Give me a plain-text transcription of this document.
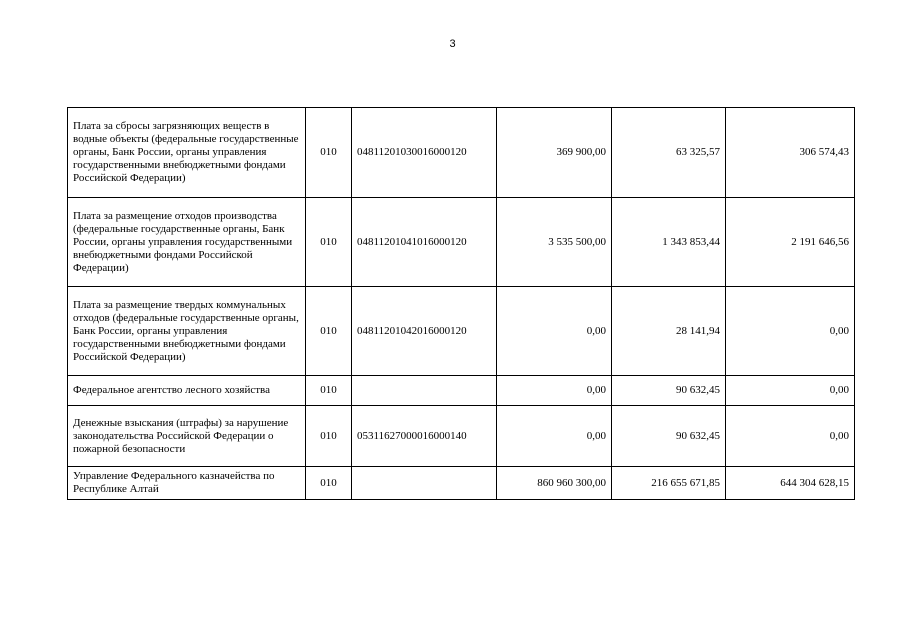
3
Плата за сбросы загрязняющих веществ в водные объекты (федеральные государственные органы, Банк России, органы управления государственными внебюджетными фондами Российской Федерации)	010	04811201030016000120	369 900,00	63 325,57	306 574,43
Плата за размещение отходов производства (федеральные государственные органы, Банк России, органы управления государственными внебюджетными фондами Российской Федерации)	010	04811201041016000120	3 535 500,00	1 343 853,44	2 191 646,56
Плата за размещение твердых коммунальных отходов (федеральные государственные органы, Банк России, органы управления государственными внебюджетными фондами Российской Федерации)	010	04811201042016000120	0,00	28 141,94	0,00
Федеральное агентство лесного хозяйства	010		0,00	90 632,45	0,00
Денежные взыскания (штрафы) за нарушение законодательства Российской Федерации о пожарной безопасности	010	05311627000016000140	0,00	90 632,45	0,00
Управление Федерального казначейства по Республике Алтай	010		860 960 300,00	216 655 671,85	644 304 628,15
